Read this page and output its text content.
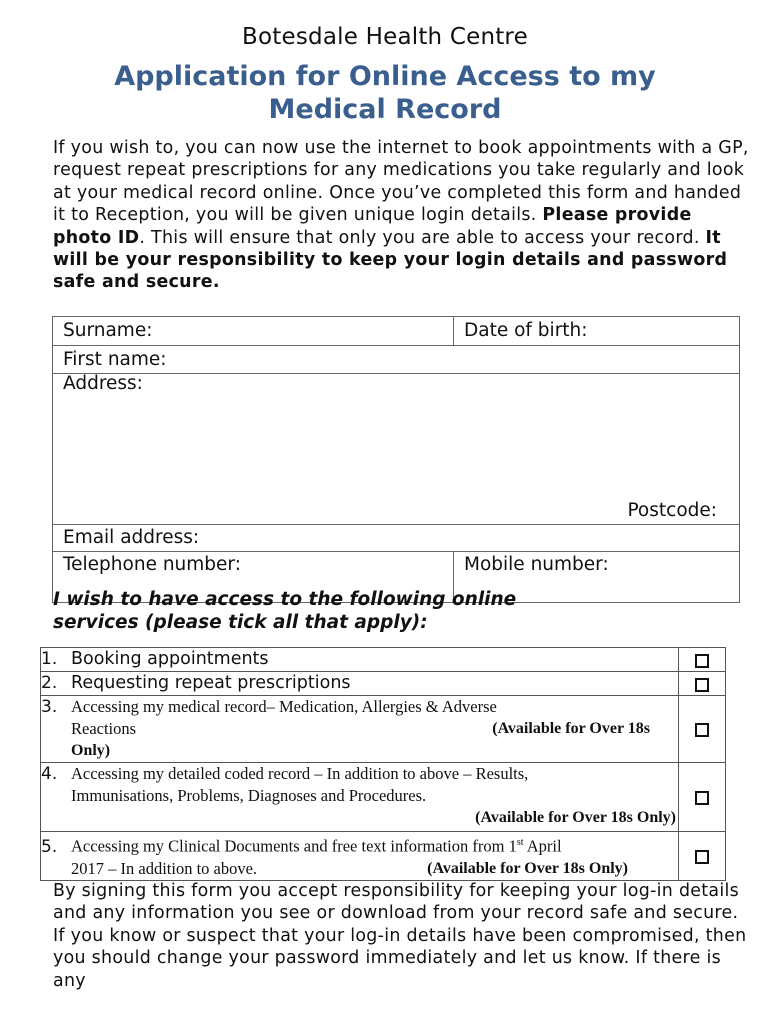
Botesdale Health Centre
Application for Online Access to my
Medical Record
If you wish to, you can now use the internet to book appointments with a GP, request repeat prescriptions for any medications you take regularly and look at your medical record online. Once you’ve completed this form and handed it to Reception, you will be given unique login details. Please provide photo ID. This will ensure that only you are able to access your record. It will be your responsibility to keep your login details and password safe and secure.
Surname:	Date of birth:
First name:	

Address:
Postcode:	

Email address:	
Telephone number:	Mobile number:
I wish to have access to the following online
services (please tick all that apply):
1. Booking appointments	
2. Requesting repeat prescriptions	

3. Accessing my medical record– Medication, Allergies & Adverse
Reactions (Available for Over 18s
Only)	

4. Accessing my detailed coded record – In addition to above – Results,
Immunisations, Problems, Diagnoses and Procedures.
(Available for Over 18s Only)	

5. Accessing my Clinical Documents and free text information from 1st April
2017 – In addition to above. (Available for Over 18s Only)	

By signing this form you accept responsibility for keeping your log-in details and any information you see or download from your record safe and secure. If you know or suspect that your log-in details have been compromised, then you should change your password immediately and let us know. If there is any
